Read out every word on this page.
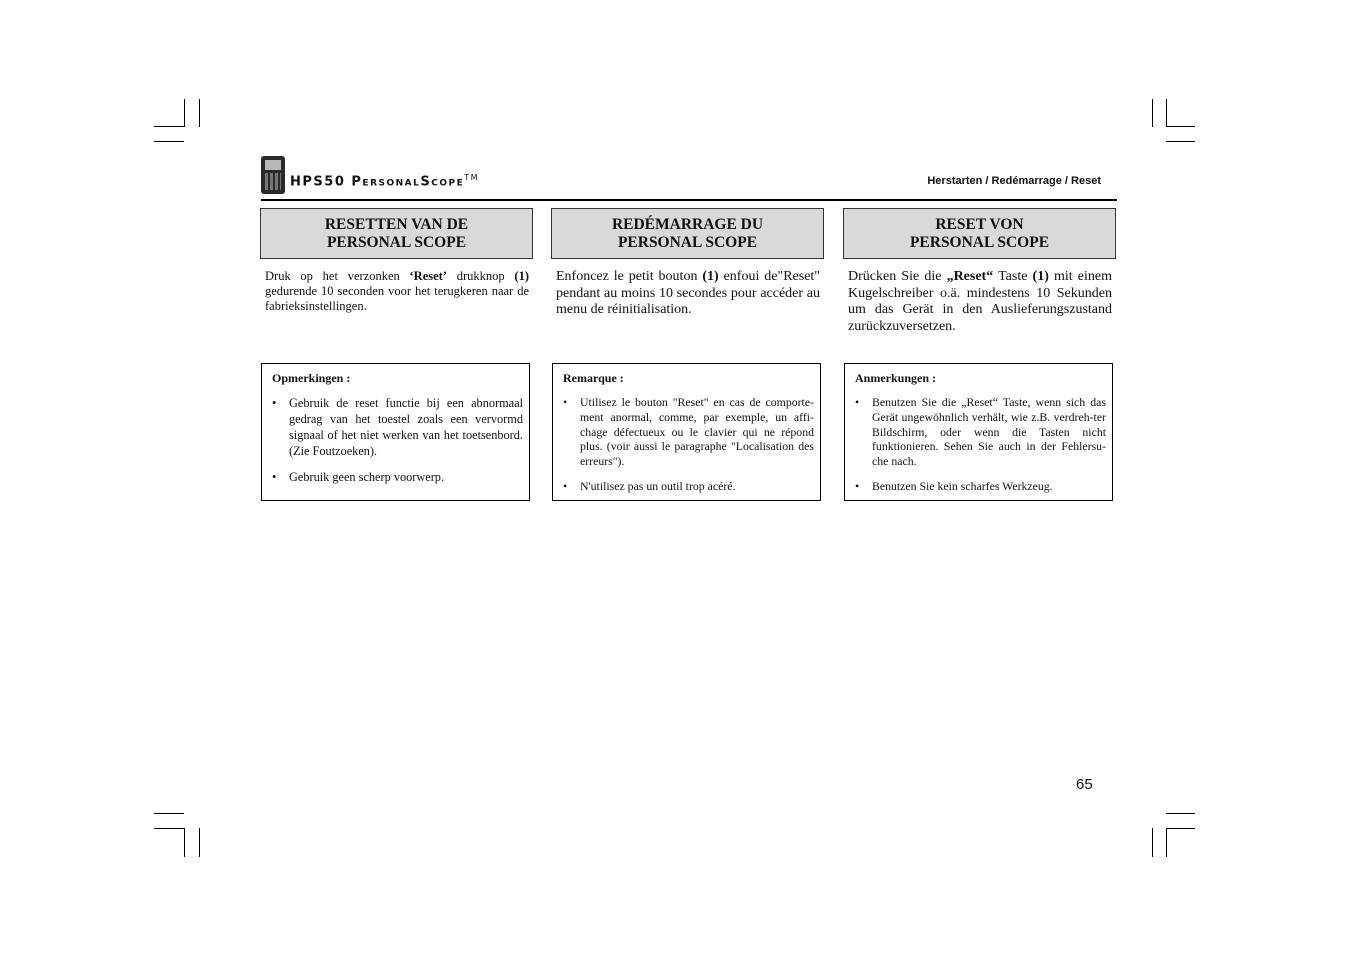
HPS50 PersonalScope™	Herstarten / Redémarrage / Reset
RESETTEN VAN DE
PERSONAL SCOPE
Druk op het verzonken ‘Reset’ drukknop (1) gedurende 10 seconden voor het terugkeren naar de fabrieksinstellingen.
Opmerkingen :
• Gebruik de reset functie bij een abnormaal gedrag van het toestel zoals een vervormd signaal of het niet werken van het toetsenbord. (Zie Foutzoeken).
• Gebruik geen scherp voorwerp.
REDÉMARRAGE DU
PERSONAL SCOPE
Enfoncez le petit bouton (1) enfoui de"Reset" pendant au moins 10 secondes pour accéder au menu de réinitialisation.
Remarque :
• Utilisez le bouton "Reset" en cas de comporte-ment anormal, comme, par exemple, un affi-chage défectueux ou le clavier qui ne répond plus. (voir aussi le paragraphe "Localisation des erreurs").
• N'utilisez pas un outil trop acéré.
RESET VON
PERSONAL SCOPE
Drücken Sie die „Reset“ Taste (1) mit einem Kugelschreiber o.ä. mindestens 10 Sekunden um das Gerät in den Auslieferungszustand zurückzuversetzen.
Anmerkungen :
• Benutzen Sie die „Reset“ Taste, wenn sich das Gerät ungewöhnlich verhält, wie z.B. verdreh-ter Bildschirm, oder wenn die Tasten nicht funktionieren. Sehen Sie auch in der Fehlersu-che nach.
• Benutzen Sie kein scharfes Werkzeug.
65
